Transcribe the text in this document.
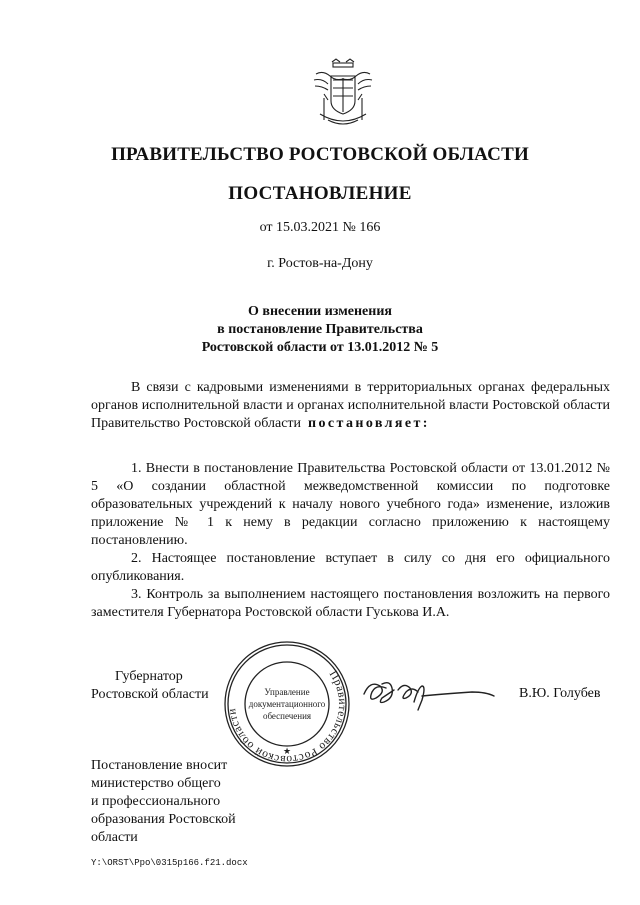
ПРАВИТЕЛЬСТВО РОСТОВСКОЙ ОБЛАСТИ
ПОСТАНОВЛЕНИЕ
от 15.03.2021 № 166
г. Ростов-на-Дону
О внесении изменения
в постановление Правительства
Ростовской области от 13.01.2012 № 5

В связи с кадровыми изменениями в территориальных органах федеральных органов исполнительной власти и органах исполнительной власти Ростовской области Правительство Ростовской области постановляет:

1. Внести в постановление Правительства Ростовской области от 13.01.2012 № 5 «О создании областной межведомственной комиссии по подготовке образовательных учреждений к началу нового учебного года» изменение, изложив приложение № 1 к нему в редакции согласно приложению к настоящему постановлению.

2. Настоящее постановление вступает в силу со дня его официального опубликования.

3. Контроль за выполнением настоящего постановления возложить на первого заместителя Губернатора Ростовской области Гуськова И.А.

Губернатор
Ростовской области
Правительство Ростовской области
Управление
документационного
обеспечения
★
В.Ю. Голубев
Постановление вносит
министерство общего
и профессионального
образования Ростовской
области
Y:\ORST\Ppo\0315p166.f21.docx
